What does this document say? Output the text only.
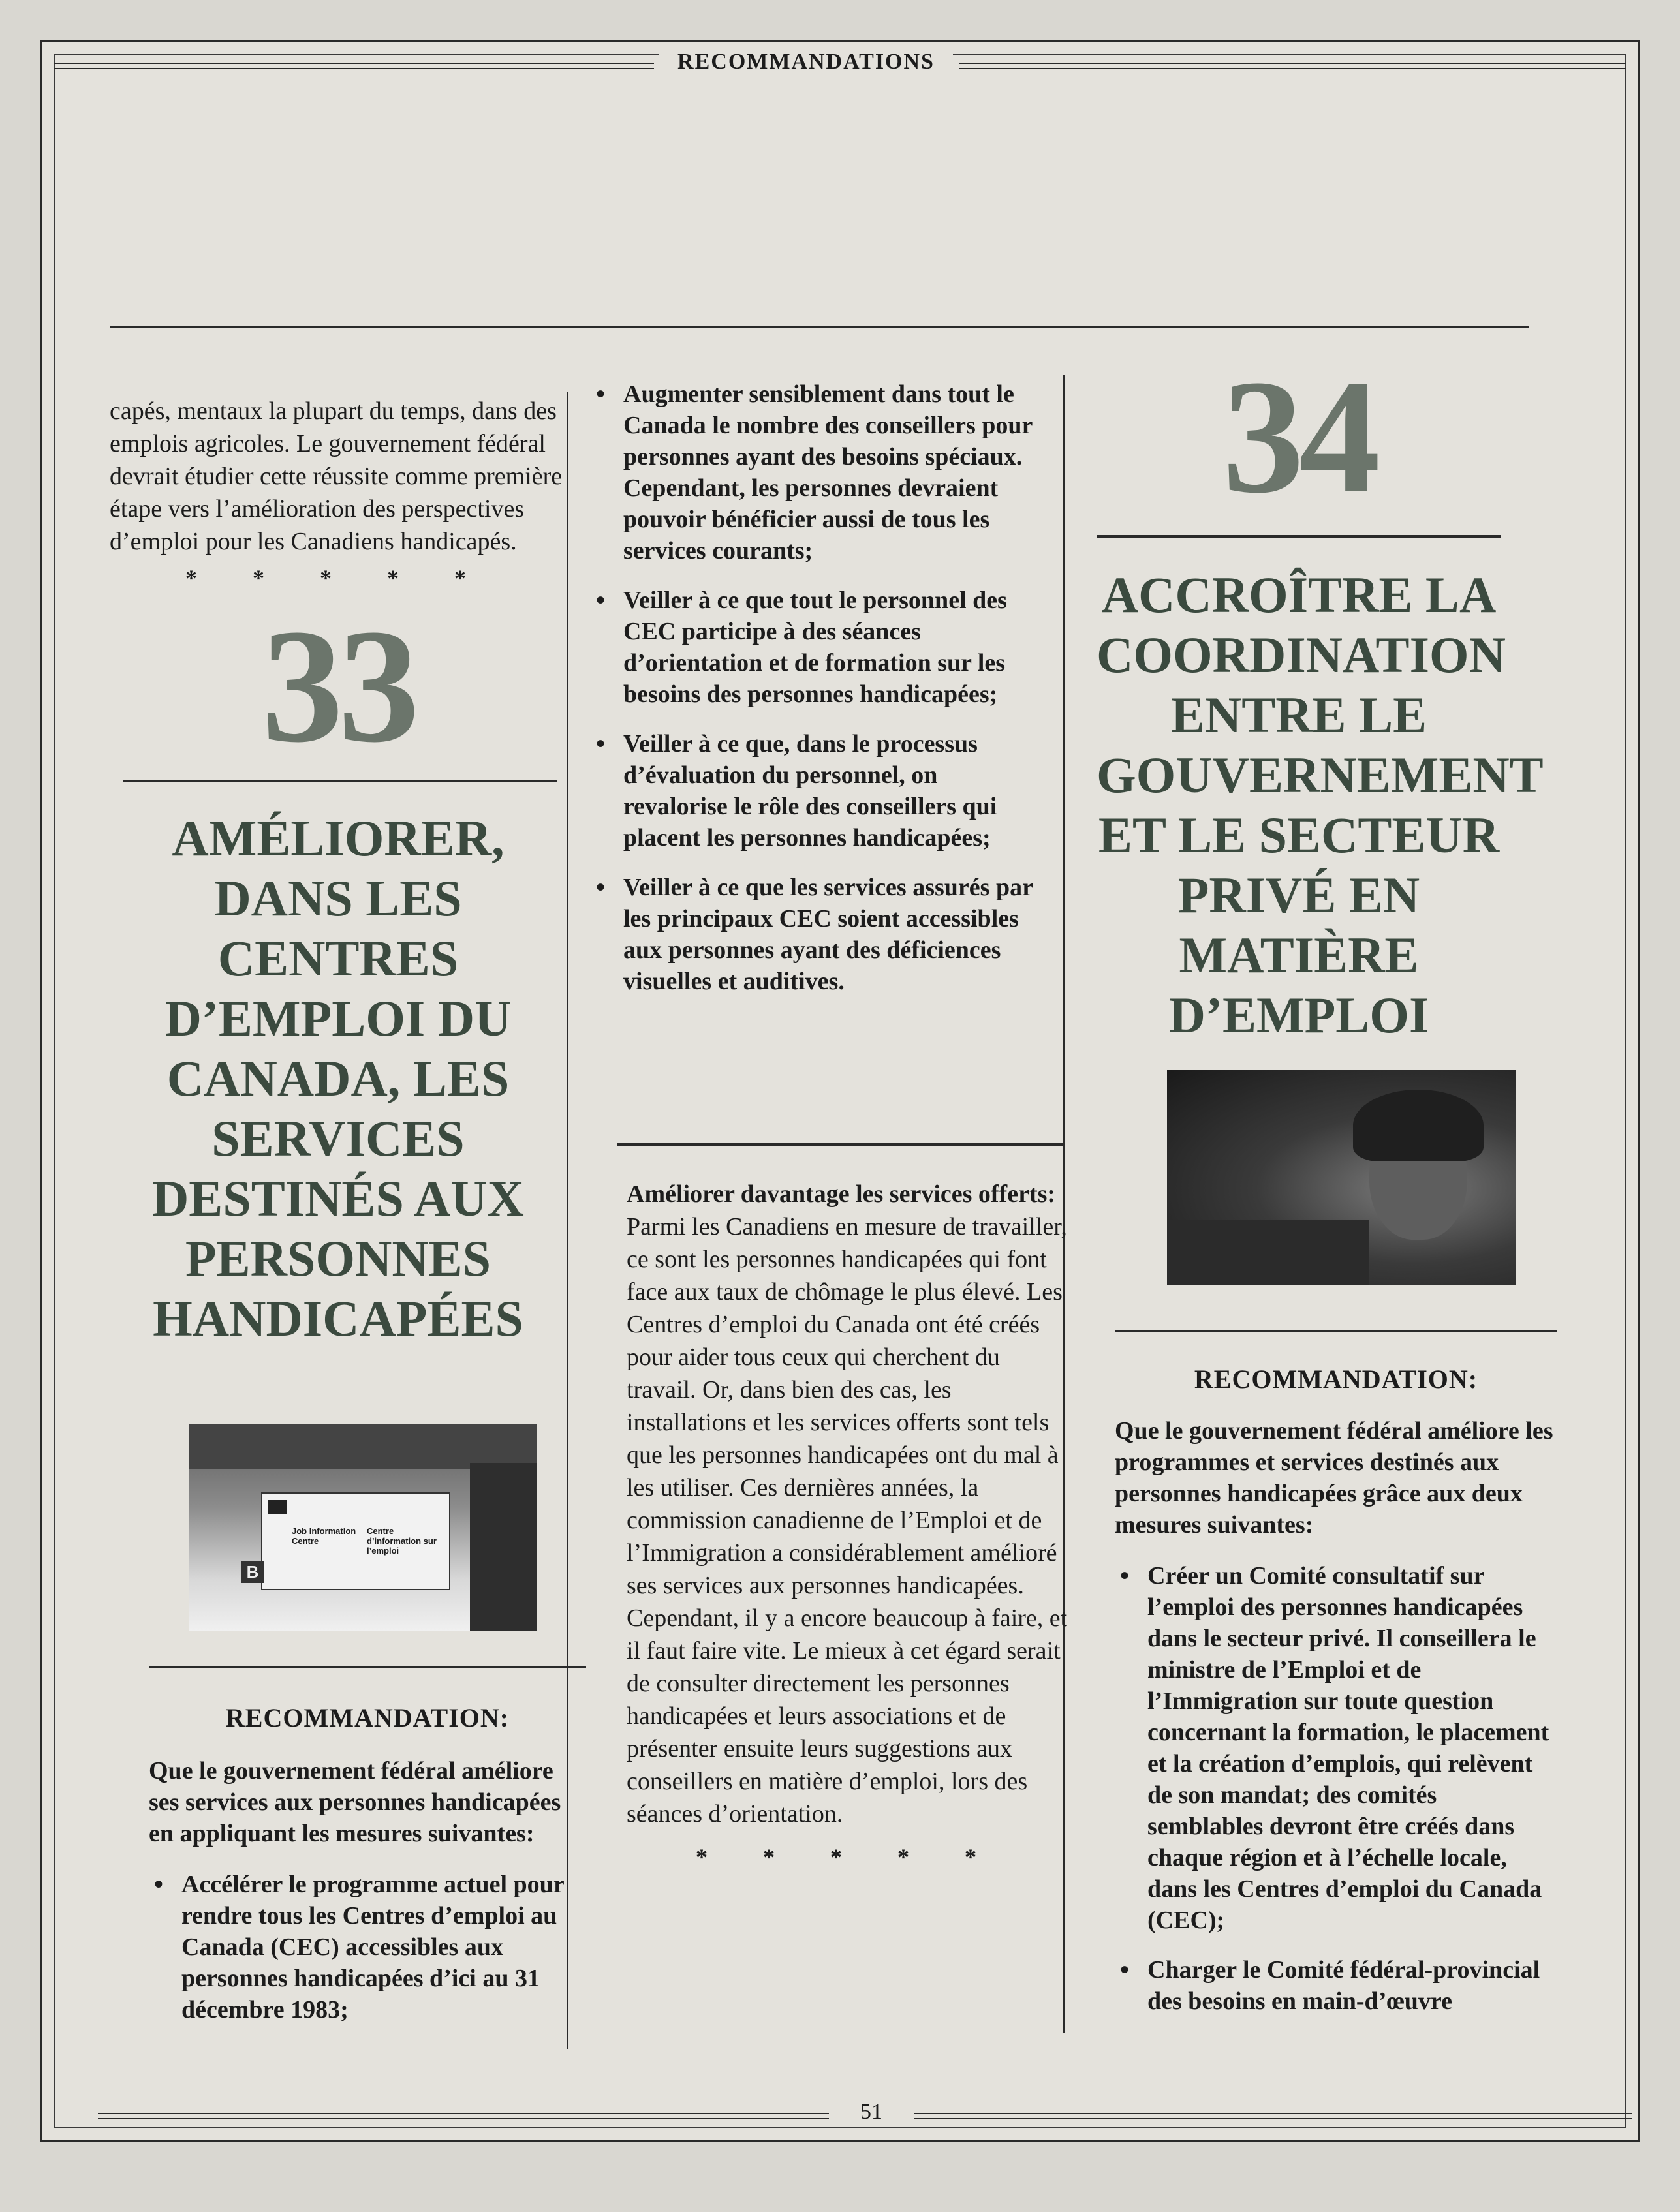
RECOMMANDATIONS

capés, mentaux la plupart du temps, dans des emplois agricoles. Le gouvernement fédéral devrait étudier cette réussite comme première étape vers l’amélioration des perspectives d’emploi pour les Canadiens handicapés.

* * * * *
33
AMÉLIORER, DANS LES CENTRES D’EMPLOI DU CANADA, LES SERVICES DESTINÉS AUX PERSONNES HANDICAPÉES
Job Information Centre
Centre d’information sur l’emploi
B
RECOMMANDATION:

Que le gouvernement fédéral améliore ses services aux personnes handicapées en appliquant les mesures suivantes:

• Accélérer le programme actuel pour rendre tous les Centres d’emploi au Canada (CEC) accessibles aux personnes handicapées d’ici au 31 décembre 1983;
• Augmenter sensiblement dans tout le Canada le nombre des conseillers pour personnes ayant des besoins spéciaux. Cependant, les personnes devraient pouvoir bénéficier aussi de tous les services courants;
• Veiller à ce que tout le personnel des CEC participe à des séances d’orientation et de formation sur les besoins des personnes handicapées;
• Veiller à ce que, dans le processus d’évaluation du personnel, on revalorise le rôle des conseillers qui placent les personnes handicapées;
• Veiller à ce que les services assurés par les principaux CEC soient accessibles aux personnes ayant des déficiences visuelles et auditives.

Améliorer davantage les services offerts: Parmi les Canadiens en mesure de travailler, ce sont les personnes handicapées qui font face aux taux de chômage le plus élevé. Les Centres d’emploi du Canada ont été créés pour aider tous ceux qui cherchent du travail. Or, dans bien des cas, les installations et les services offerts sont tels que les personnes handicapées ont du mal à les utiliser. Ces dernières années, la commission canadienne de l’Emploi et de l’Immigration a considérablement amélioré ses services aux personnes handicapées. Cependant, il y a encore beaucoup à faire, et il faut faire vite. Le mieux à cet égard serait de consulter directement les personnes handicapées et leurs associations et de présenter ensuite leurs suggestions aux conseillers en matière d’emploi, lors des séances d’orientation.

* * * * *
34
ACCROÎTRE LA COORDINATION ENTRE LE GOUVERNEMENT ET LE SECTEUR PRIVÉ EN MATIÈRE D’EMPLOI
RECOMMANDATION:

Que le gouvernement fédéral améliore les programmes et services destinés aux personnes handicapées grâce aux deux mesures suivantes:

• Créer un Comité consultatif sur l’emploi des personnes handicapées dans le secteur privé. Il conseillera le ministre de l’Emploi et de l’Immigration sur toute question concernant la formation, le placement et la création d’emplois, qui relèvent de son mandat; des comités semblables devront être créés dans chaque région et à l’échelle locale, dans les Centres d’emploi du Canada (CEC);
• Charger le Comité fédéral-provincial des besoins en main-d’œuvre
51
